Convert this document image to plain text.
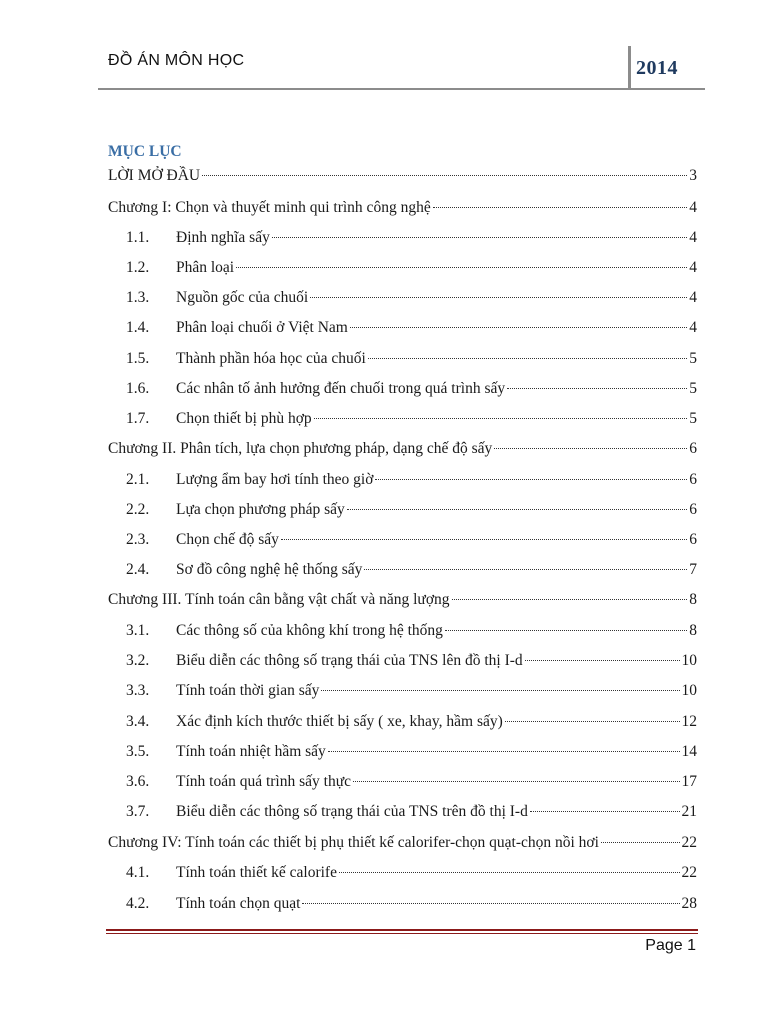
ĐỒ ÁN MÔN HỌC	2014
MỤC LỤC
LỜI MỞ ĐẦU	3
Chương I: Chọn và thuyết minh qui trình công nghệ	4
1.1.	Định nghĩa sấy	4
1.2.	Phân loại	4
1.3.	Nguồn gốc của chuối	4
1.4.	Phân loại chuối ở Việt Nam	4
1.5.	Thành phần hóa học của chuối	5
1.6.	Các nhân tố ảnh hưởng đến chuối trong quá trình sấy	5
1.7.	Chọn thiết bị phù hợp	5
Chương II. Phân tích, lựa chọn phương pháp, dạng chế độ sấy	6
2.1.	Lượng ẩm bay hơi tính theo giờ	6
2.2.	Lựa chọn phương pháp sấy	6
2.3.	Chọn chế độ sấy	6
2.4.	Sơ đồ công nghệ hệ thống sấy	7
Chương III. Tính toán cân bằng vật chất và năng lượng	8
3.1.	Các thông số của không khí trong hệ thống	8
3.2.	Biểu diễn các thông số trạng thái của TNS lên đồ thị I-d	10
3.3.	Tính toán thời gian sấy	10
3.4.	Xác định kích thước thiết bị sấy ( xe, khay, hầm sấy)	12
3.5.	Tính toán nhiệt hầm sấy	14
3.6.	Tính toán quá trình sấy thực	17
3.7.	Biểu diễn các thông số trạng thái của TNS trên đồ thị I-d	21
Chương IV: Tính toán các thiết bị phụ thiết kế calorifer-chọn quạt-chọn nồi hơi	22
4.1.	Tính toán thiết kế calorife	22
4.2.	Tính toán chọn quạt	28
Page 1
